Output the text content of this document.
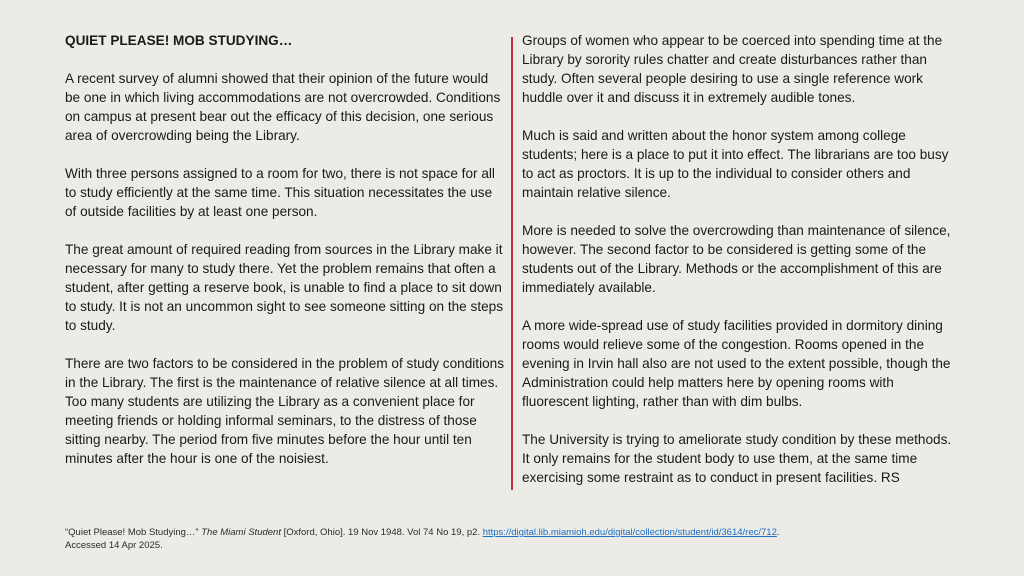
QUIET PLEASE! MOB STUDYING…

A recent survey of alumni showed that their opinion of the future would be one in which living accommodations are not overcrowded. Conditions on campus at present bear out the efficacy of this decision, one serious area of overcrowding being the Library.

With three persons assigned to a room for two, there is not space for all to study efficiently at the same time. This situation necessitates the use of outside facilities by at least one person.

The great amount of required reading from sources in the Library make it necessary for many to study there. Yet the problem remains that often a student, after getting a reserve book, is unable to find a place to sit down to study. It is not an uncommon sight to see someone sitting on the steps to study.

There are two factors to be considered in the problem of study conditions in the Library. The first is the maintenance of relative silence at all times. Too many students are utilizing the Library as a convenient place for meeting friends or holding informal seminars, to the distress of those sitting nearby. The period from five minutes before the hour until ten minutes after the hour is one of the noisiest.

Groups of women who appear to be coerced into spending time at the Library by sorority rules chatter and create disturbances rather than study. Often several people desiring to use a single reference work huddle over it and discuss it in extremely audible tones.

Much is said and written about the honor system among college students; here is a place to put it into effect. The librarians are too busy to act as proctors. It is up to the individual to consider others and maintain relative silence.

More is needed to solve the overcrowding than maintenance of silence, however. The second factor to be considered is getting some of the students out of the Library. Methods or the accomplishment of this are immediately available.

A more wide-spread use of study facilities provided in dormitory dining rooms would relieve some of the congestion. Rooms opened in the evening in Irvin hall also are not used to the extent possible, though the Administration could help matters here by opening rooms with fluorescent lighting, rather than with dim bulbs.

The University is trying to ameliorate study condition by these methods. It only remains for the student body to use them, at the same time exercising some restraint as to conduct in present facilities. RS

“Quiet Please! Mob Studying…” The Miami Student [Oxford, Ohio]. 19 Nov 1948. Vol 74 No 19, p2. https://digital.lib.miamioh.edu/digital/collection/student/id/3614/rec/712.
Accessed 14 Apr 2025.
